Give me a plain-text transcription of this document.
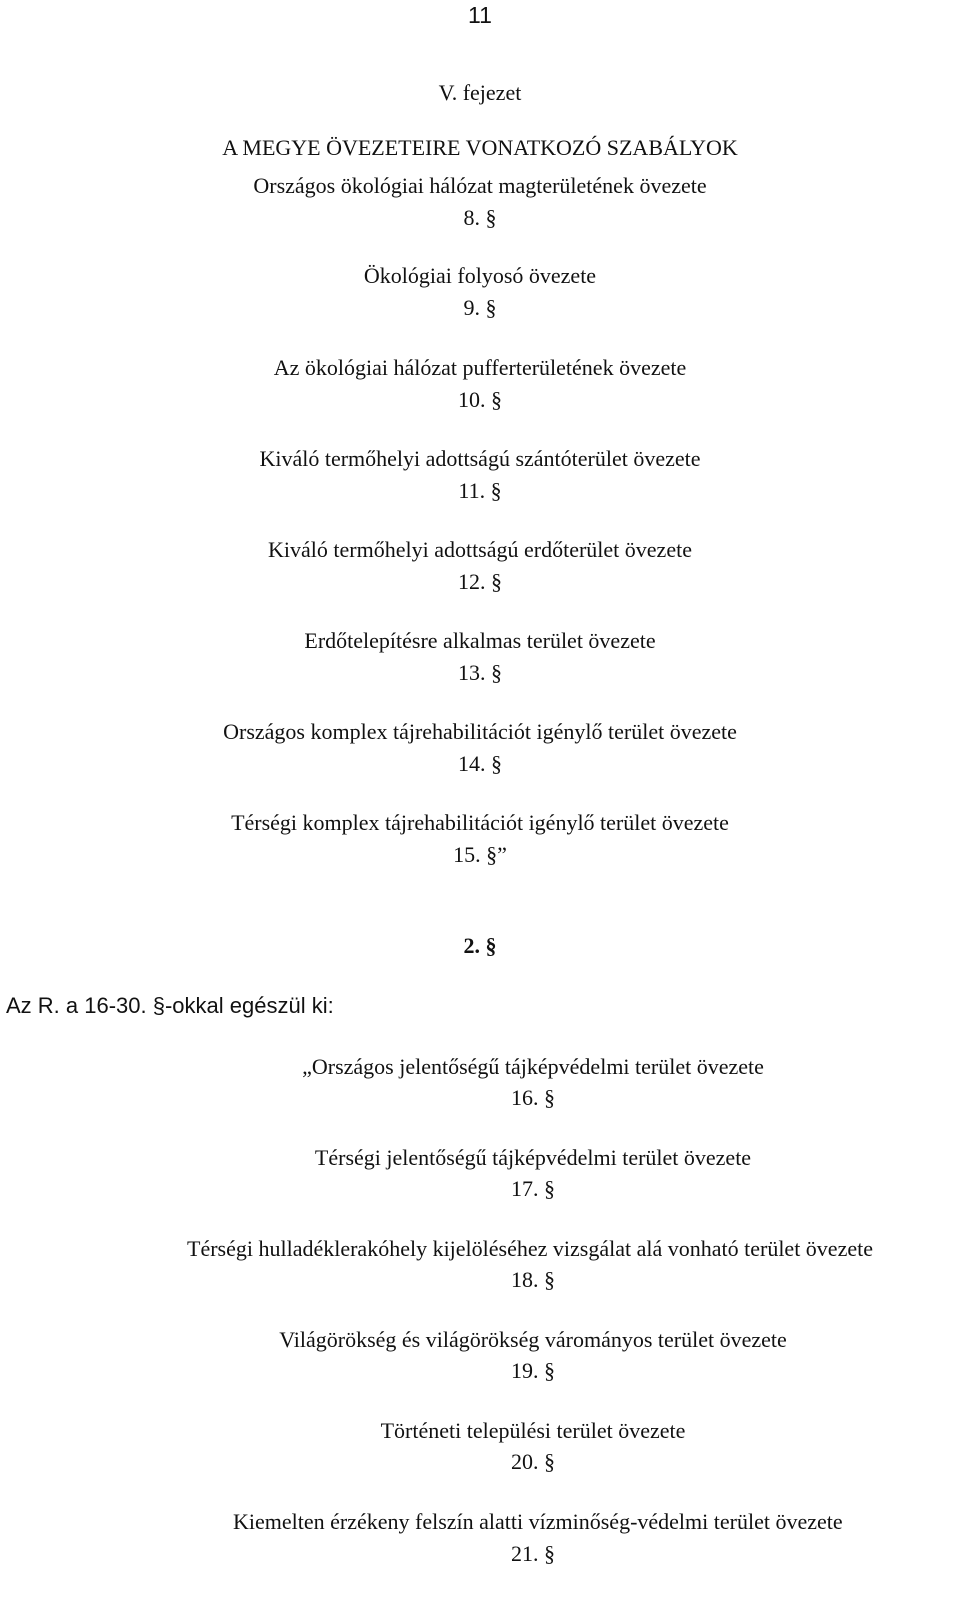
11
V. fejezet
A MEGYE ÖVEZETEIRE VONATKOZÓ SZABÁLYOK
Országos ökológiai hálózat magterületének övezete
8. §
Ökológiai folyosó övezete
9. §
Az ökológiai hálózat pufferterületének övezete
10. §
Kiváló termőhelyi adottságú szántóterület övezete
11. §
Kiváló termőhelyi adottságú erdőterület övezete
12. §
Erdőtelepítésre alkalmas terület övezete
13. §
Országos komplex tájrehabilitációt igénylő terület övezete
14. §
Térségi komplex tájrehabilitációt igénylő terület övezete
15. §”
2. §
Az R. a 16-30. §-okkal egészül ki:
„Országos jelentőségű tájképvédelmi terület övezete
16. §
Térségi jelentőségű tájképvédelmi terület övezete
17. §
Térségi hulladéklerakóhely kijelöléséhez vizsgálat alá vonható terület övezete
18. §
Világörökség és világörökség várományos terület övezete
19. §
Történeti települési terület övezete
20. §
Kiemelten érzékeny felszín alatti vízminőség-védelmi terület övezete
21. §
